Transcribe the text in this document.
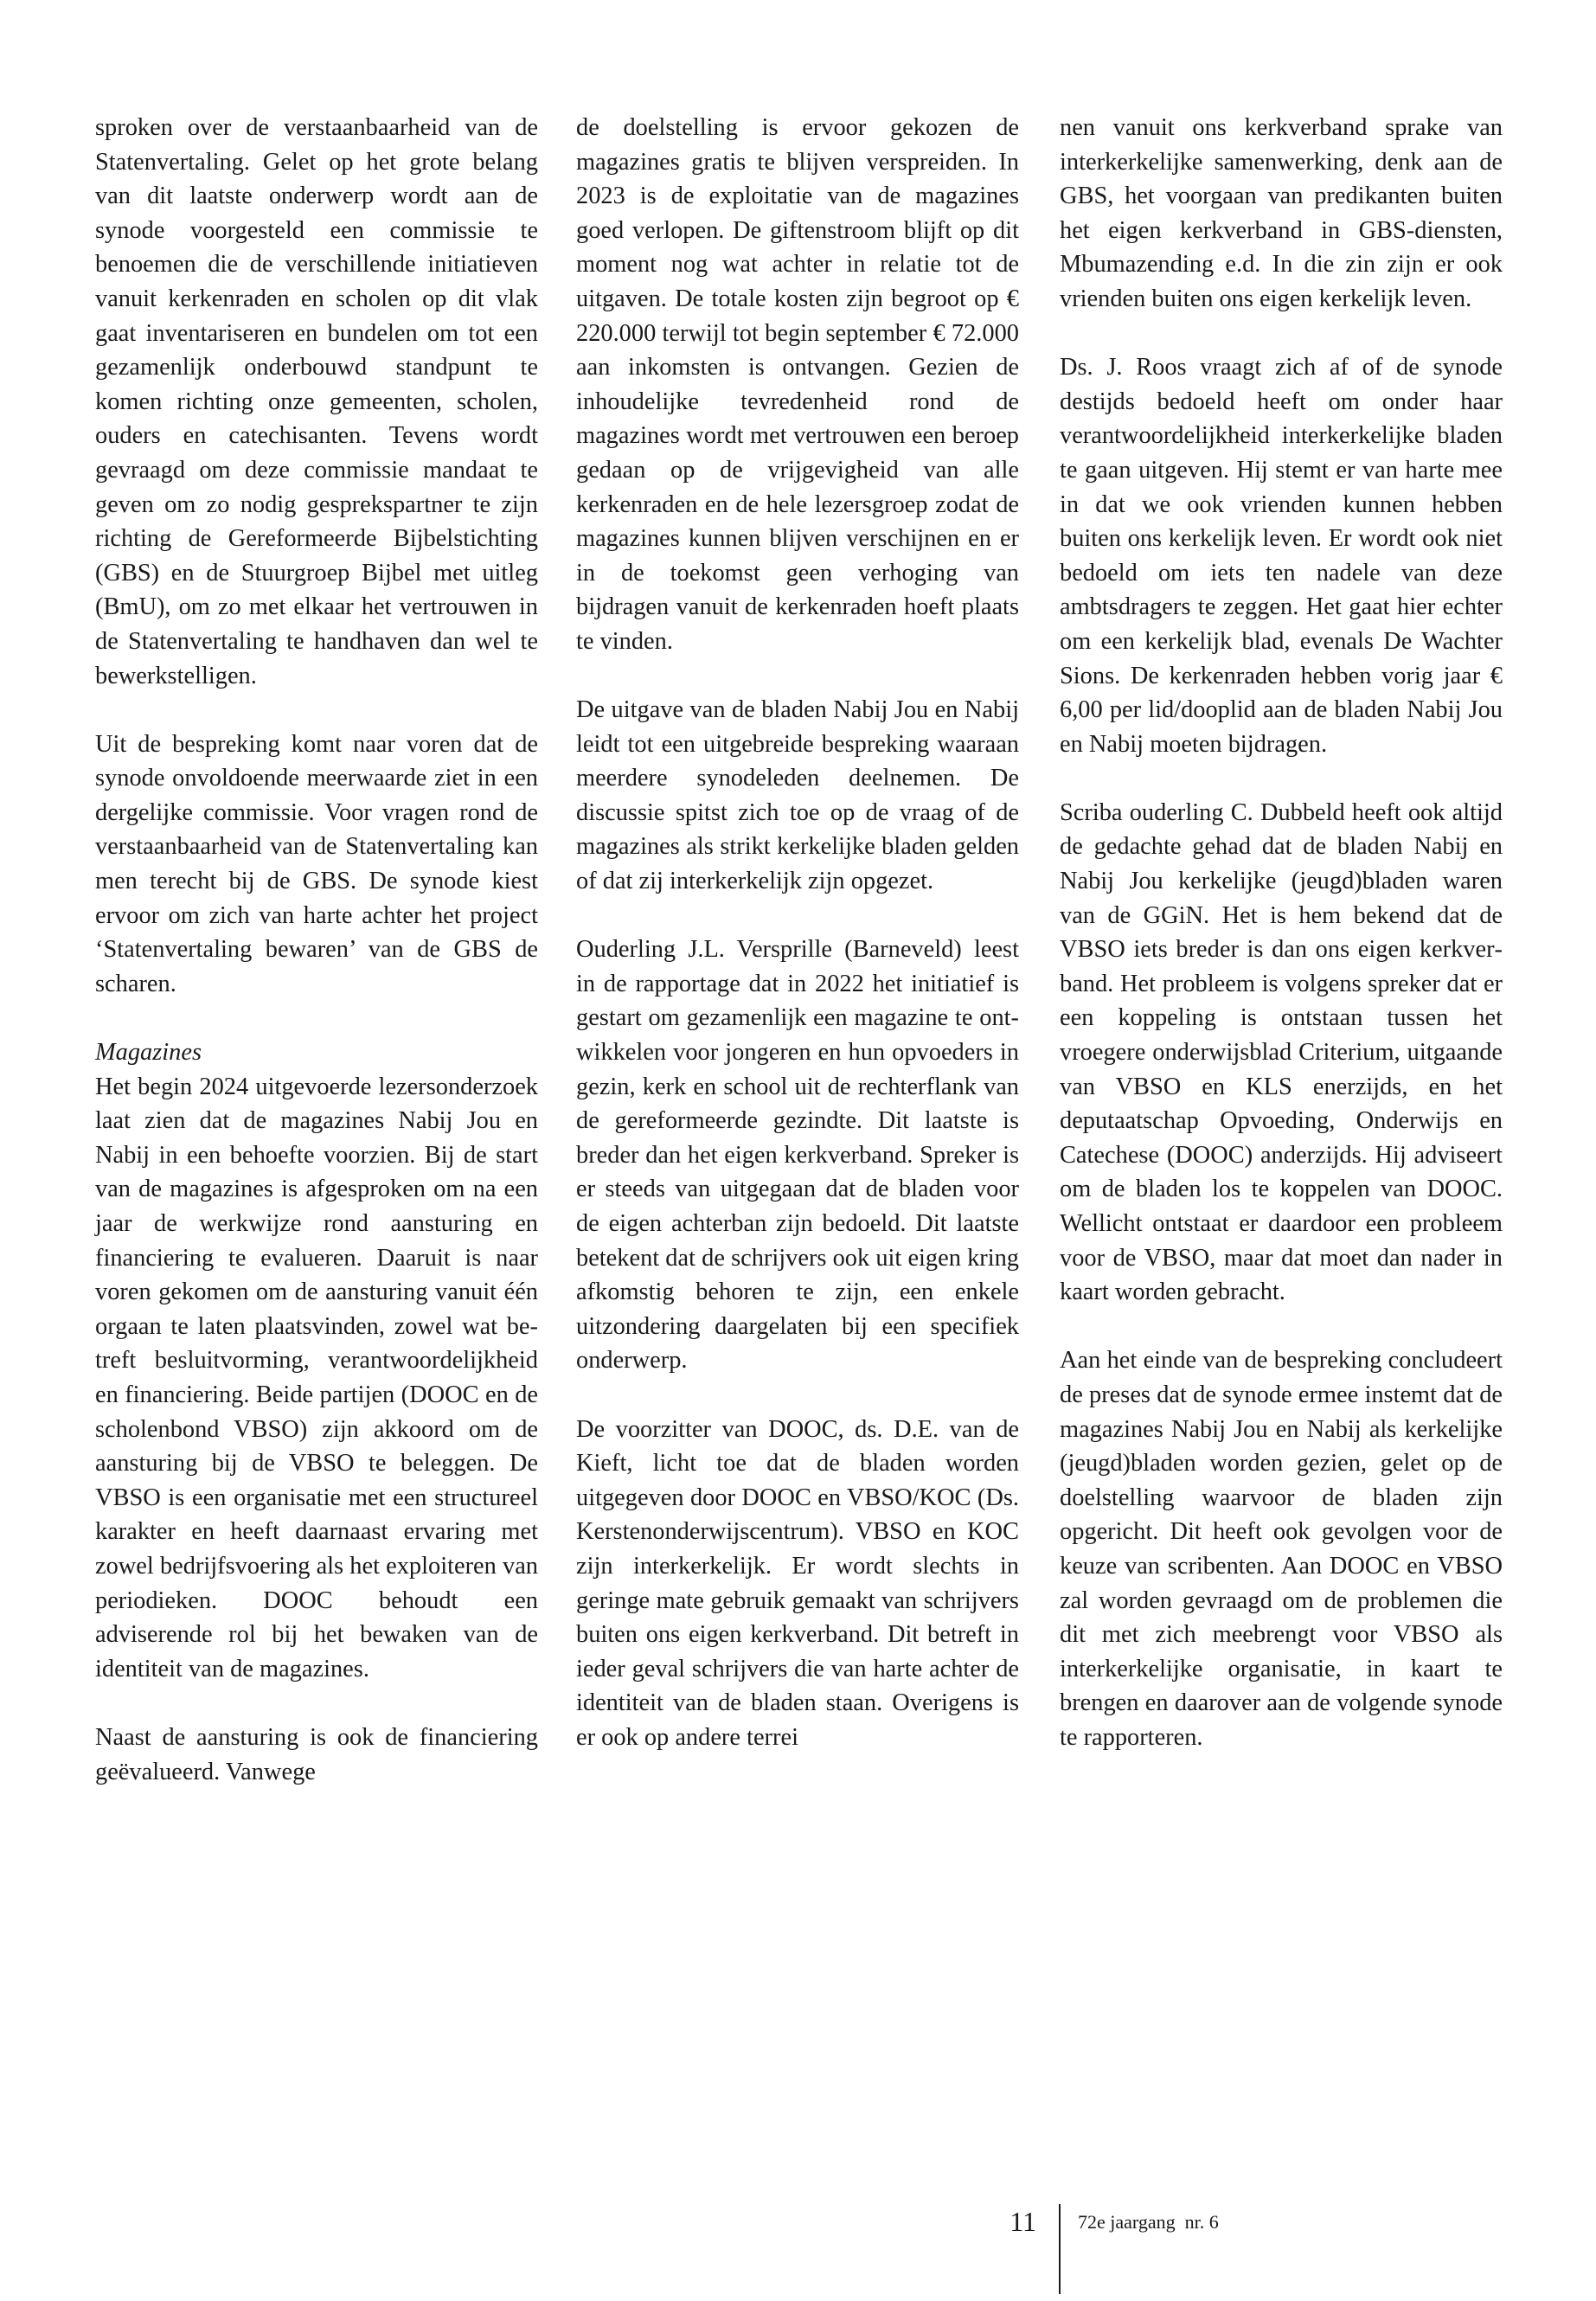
sproken over de verstaanbaarheid van de Statenvertaling. Gelet op het grote belang van dit laatste onderwerp wordt aan de synode voorgesteld een commissie te benoemen die de verschillende initiatieven vanuit kerkenraden en scholen op dit vlak gaat inventariseren en bundelen om tot een gezamenlijk onderbouwd standpunt te komen richting onze gemeenten, scholen, ouders en catechisanten. Tevens wordt gevraagd om deze commissie mandaat te geven om zo nodig gesprekspartner te zijn richting de Gereformeerde Bijbelstichting (GBS) en de Stuurgroep Bijbel met uitleg (BmU), om zo met elkaar het vertrouwen in de Statenvertaling te handhaven dan wel te bewerkstelligen.

Uit de bespreking komt naar voren dat de synode onvoldoende meerwaarde ziet in een dergelijke commissie. Voor vragen rond de verstaanbaarheid van de Statenvertaling kan men terecht bij de GBS. De synode kiest ervoor om zich van harte achter het project ‘Statenvertaling bewaren’ van de GBS de scharen.

Magazines

Het begin 2024 uitgevoerde lezersonderzoek laat zien dat de magazines Nabij Jou en Nabij in een behoefte voorzien. Bij de start van de magazines is afgesproken om na een jaar de werkwijze rond aansturing en financiering te evalueren. Daaruit is naar voren gekomen om de aansturing vanuit één orgaan te laten plaatsvinden, zowel wat betreft besluitvorming, verantwoordelijkheid en financiering. Beide partijen (DOOC en de scholenbond VBSO) zijn akkoord om de aansturing bij de VBSO te beleggen. De VBSO is een organisatie met een structureel karakter en heeft daarnaast ervaring met zowel bedrijfsvoering als het exploiteren van periodieken. DOOC behoudt een adviserende rol bij het bewaken van de identiteit van de magazines.

Naast de aansturing is ook de financiering geëvalueerd. Vanwege

de doelstelling is ervoor gekozen de magazines gratis te blijven verspreiden. In 2023 is de exploitatie van de magazines goed verlopen. De giftenstroom blijft op dit moment nog wat achter in relatie tot de uitgaven. De totale kosten zijn begroot op € 220.000 terwijl tot begin september € 72.000 aan inkomsten is ontvangen. Gezien de inhoudelijke tevredenheid rond de magazines wordt met vertrouwen een beroep gedaan op de vrijgevigheid van alle kerkenraden en de hele lezersgroep zodat de magazines kunnen blijven verschijnen en er in de toekomst geen verhoging van bijdragen vanuit de kerkenraden hoeft plaats te vinden.

De uitgave van de bladen Nabij Jou en Nabij leidt tot een uitgebreide bespreking waaraan meerdere synodeleden deelnemen. De discussie spitst zich toe op de vraag of de magazines als strikt kerkelijke bladen gelden of dat zij interkerkelijk zijn opgezet.

Ouderling J.L. Versprille (Barneveld) leest in de rapportage dat in 2022 het initiatief is gestart om gezamenlijk een magazine te ontwikkelen voor jongeren en hun opvoeders in gezin, kerk en school uit de rechterflank van de gereformeerde gezindte. Dit laatste is breder dan het eigen kerkverband. Spreker is er steeds van uitgegaan dat de bladen voor de eigen achterban zijn bedoeld. Dit laatste betekent dat de schrijvers ook uit eigen kring afkomstig behoren te zijn, een enkele uitzondering daargelaten bij een specifiek onderwerp.

De voorzitter van DOOC, ds. D.E. van de Kieft, licht toe dat de bladen worden uitgegeven door DOOC en VBSO/KOC (Ds. Kerstenonderwijscentrum). VBSO en KOC zijn interkerkelijk. Er wordt slechts in geringe mate gebruik gemaakt van schrijvers buiten ons eigen kerkverband. Dit betreft in ieder geval schrijvers die van harte achter de identiteit van de bladen staan. Overigens is er ook op andere terrei

nen vanuit ons kerkverband sprake van interkerkelijke samenwerking, denk aan de GBS, het voorgaan van predikanten buiten het eigen kerkverband in GBS-diensten, Mbumazending e.d. In die zin zijn er ook vrienden buiten ons eigen kerkelijk leven.

Ds. J. Roos vraagt zich af of de synode destijds bedoeld heeft om onder haar verantwoordelijkheid interkerkelijke bladen te gaan uitgeven. Hij stemt er van harte mee in dat we ook vrienden kunnen hebben buiten ons kerkelijk leven. Er wordt ook niet bedoeld om iets ten nadele van deze ambtsdragers te zeggen. Het gaat hier echter om een kerkelijk blad, evenals De Wachter Sions. De kerkenraden hebben vorig jaar € 6,00 per lid/dooplid aan de bladen Nabij Jou en Nabij moeten bijdragen.

Scriba ouderling C. Dubbeld heeft ook altijd de gedachte gehad dat de bladen Nabij en Nabij Jou kerkelijke (jeugd)bladen waren van de GGiN. Het is hem bekend dat de VBSO iets breder is dan ons eigen kerkverband. Het probleem is volgens spreker dat er een koppeling is ontstaan tussen het vroegere onderwijsblad Criterium, uitgaande van VBSO en KLS enerzijds, en het deputaatschap Opvoeding, Onderwijs en Catechese (DOOC) anderzijds. Hij adviseert om de bladen los te koppelen van DOOC. Wellicht ontstaat er daardoor een probleem voor de VBSO, maar dat moet dan nader in kaart worden gebracht.

Aan het einde van de bespreking concludeert de preses dat de synode ermee instemt dat de magazines Nabij Jou en Nabij als kerkelijke (jeugd)bladen worden gezien, gelet op de doelstelling waarvoor de bladen zijn opgericht. Dit heeft ook gevolgen voor de keuze van scribenten. Aan DOOC en VBSO zal worden gevraagd om de problemen die dit met zich meebrengt voor VBSO als interkerkelijke organisatie, in kaart te brengen en daarover aan de volgende synode te rapporteren.

11 72e jaargang  nr. 6
